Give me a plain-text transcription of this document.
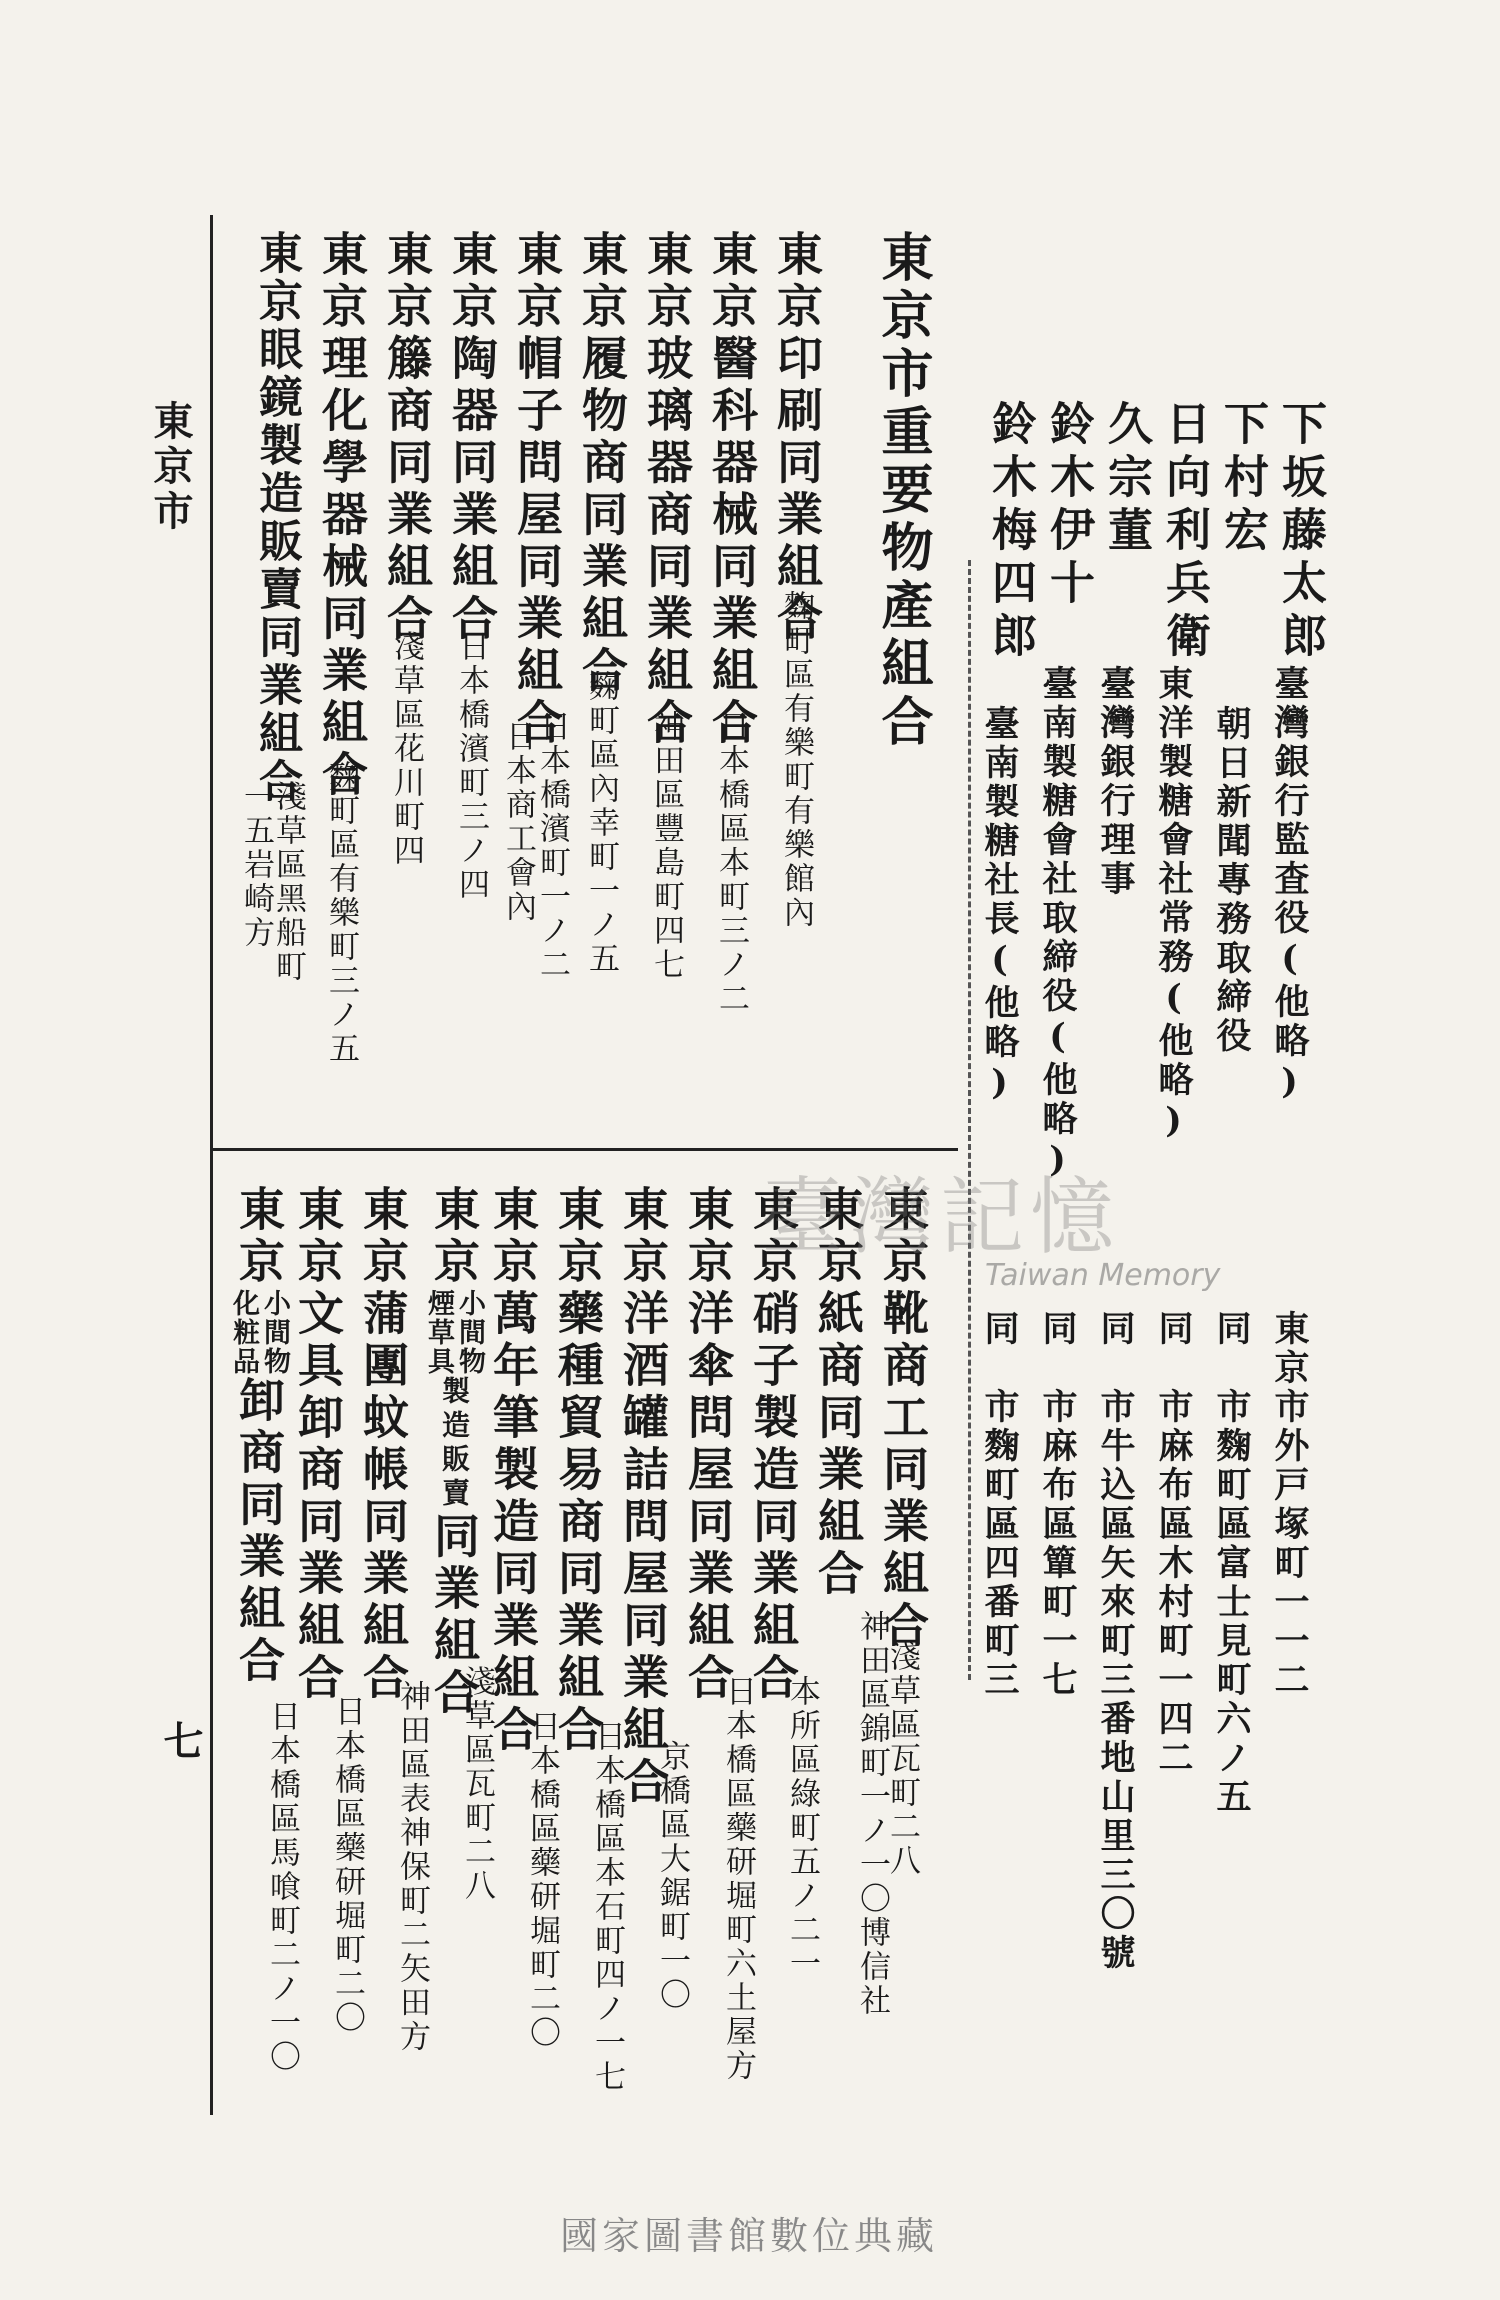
東京市
七
下坂藤太郎
下村宏
日向利兵衛
久宗董
鈴木伊十
鈴木梅四郎
臺灣銀行監査役(他略)
朝日新聞專務取締役
東洋製糖會社常務(他略)
臺灣銀行理事
臺南製糖會社取締役(他略)
臺南製糖社長(他略)
東京市外戸塚町一一二
同　市麴町區富士見町六ノ五
同　市麻布區木村町一四二
同　市牛込區矢來町三番地山里三〇號
同　市麻布區簞町一七
同　市麴町區四番町三
東京市重要物產組合
東京印刷同業組合
東京醫科器械同業組合
東京玻璃器商同業組合
東京履物商同業組合
東京帽子問屋同業組合
東京陶器同業組合
東京籐商同業組合
東京理化學器械同業組合
東京眼鏡製造販賣同業組合	麴町區有樂町有樂館內
日本橋區本町三ノ二
神田區豐島町四七
麴町區內幸町一ノ五
日本橋濱町一ノ二
日本商工會內
日本橋濱町三ノ四
淺草區花川町四
麴町區有樂町三ノ五
淺草區黑船町
一五岩崎方
東京靴商工同業組合
東京紙商同業組合
東京硝子製造同業組合
東京洋傘問屋同業組合
東京洋酒罐詰問屋同業組合
東京藥種貿易商同業組合
東京萬年筆製造同業組合
東京
煙草具 小間物
製造販賣同業組合
東京蒲團蚊帳同業組合
東京文具卸商同業組合
東京
化粧品 小間物
卸商同業組合
淺草區瓦町二八
神田區錦町一ノ一〇博信社
本所區綠町五ノ二一
日本橋區藥研堀町六土屋方
京橋區大鋸町一〇
日本橋區本石町四ノ一七
日本橋區藥研堀町二〇
淺草區瓦町二八
神田區表神保町二矢田方
日本橋區藥研堀町二〇
日本橋區馬喰町二ノ一〇
臺灣記憶
Taiwan Memory
國家圖書館數位典藏
